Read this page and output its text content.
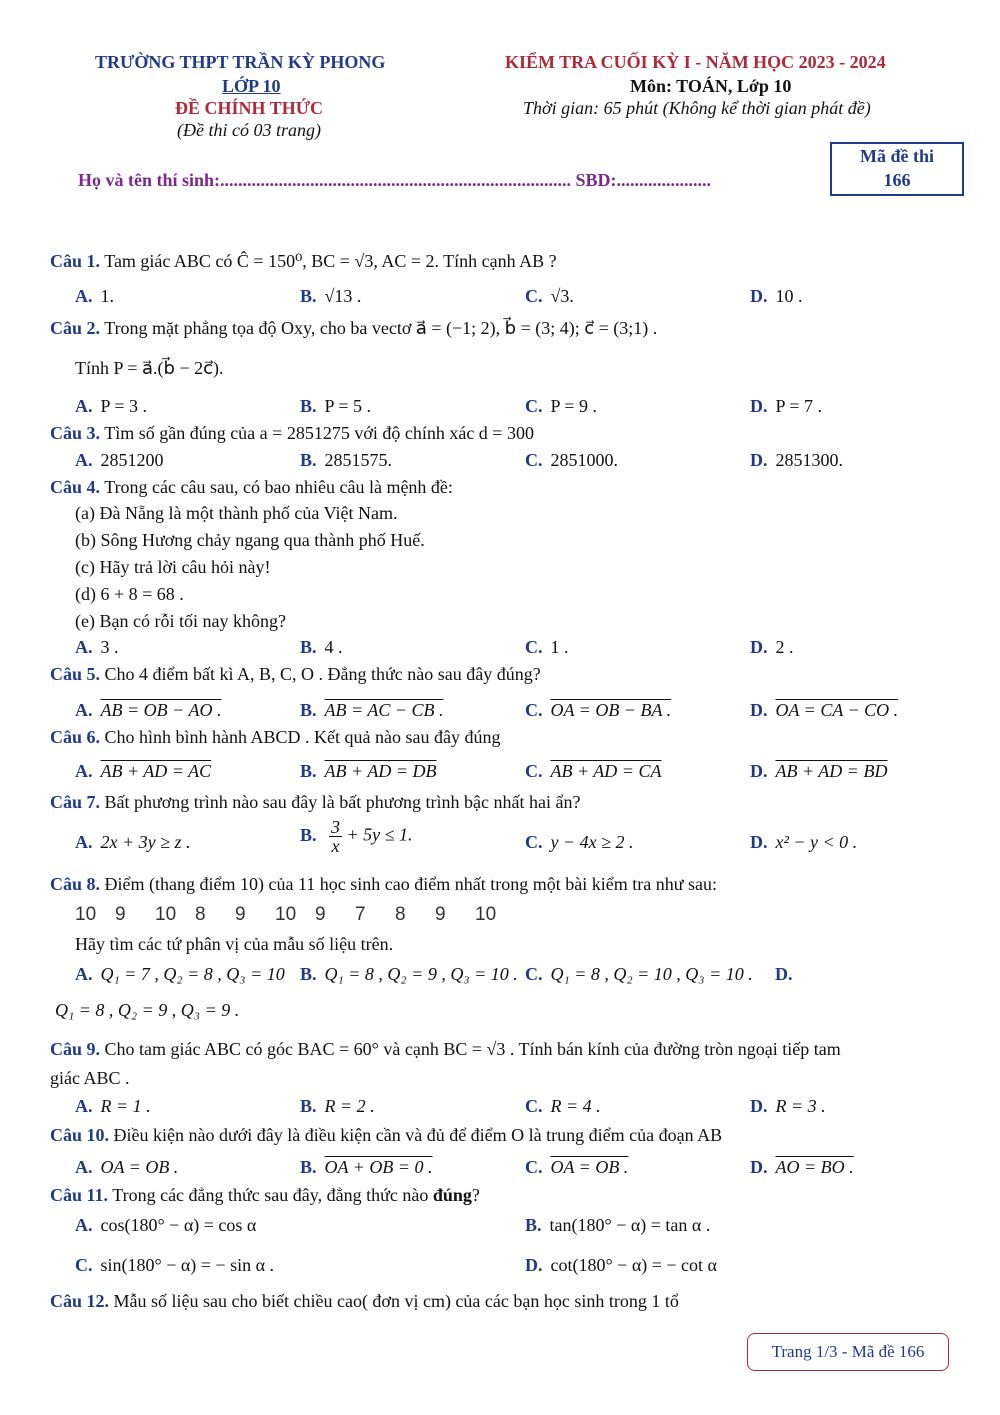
TRƯỜNG THPT TRẦN KỲ PHONG
LỚP 10
ĐỀ CHÍNH THỨC
(Đề thi có 03 trang)
KIỂM TRA CUỐI KỲ I - NĂM HỌC 2023 - 2024
Môn: TOÁN, Lớp 10
Thời gian: 65 phút (Không kể thời gian phát đề)
Họ và tên thí sinh:.............................................................................. SBD:.....................
Mã đề thi
166
Câu 1. Tam giác ABC có Ĉ = 150⁰, BC = √3, AC = 2. Tính cạnh AB ?
A. 1.	B. √13 .	C. √3.	D. 10 .
Câu 2. Trong mặt phẳng tọa độ Oxy, cho ba vectơ a⃗ = (−1; 2), b⃗ = (3; 4); c⃗ = (3;1) .
Tính P = a⃗.(b⃗ − 2c⃗).
A. P = 3 .	B. P = 5 .	C. P = 9 .	D. P = 7 .
Câu 3. Tìm số gần đúng của a = 2851275 với độ chính xác d = 300
A. 2851200	B. 2851575.	C. 2851000.	D. 2851300.
Câu 4. Trong các câu sau, có bao nhiêu câu là mệnh đề:
(a) Đà Nẵng là một thành phố của Việt Nam.
(b) Sông Hương chảy ngang qua thành phố Huế.
(c) Hãy trả lời câu hỏi này!
(d) 6 + 8 = 68 .
(e) Bạn có rỗi tối nay không?
A. 3 .	B. 4 .	C. 1 .	D. 2 .
Câu 5. Cho 4 điểm bất kì A, B, C, O . Đẳng thức nào sau đây đúng?
A. AB = OB − AO .	B. AB = AC − CB .	C. OA = OB − BA .	D. OA = CA − CO .
Câu 6. Cho hình bình hành ABCD . Kết quả nào sau đây đúng
A. AB + AD = AC	B. AB + AD = DB	C. AB + AD = CA	D. AB + AD = BD
Câu 7. Bất phương trình nào sau đây là bất phương trình bậc nhất hai ẩn?
A. 2x + 3y ≥ z .	B. $\frac{3}{x} + 5y \le 1$.	C. y − 4x ≥ 2 .	D. x² − y < 0 .
Câu 8. Điểm (thang điểm 10) của 11 học sinh cao điểm nhất trong một bài kiểm tra như sau:
10 9 10 8 9 10 9 7 8 9 10
Hãy tìm các tứ phân vị của mẫu số liệu trên.
A. Q₁ = 7 , Q₂ = 8 , Q₃ = 10 B. Q₁ = 8 , Q₂ = 9 , Q₃ = 10 . C. Q₁ = 8 , Q₂ = 10 , Q₃ = 10 . D.
Q₁ = 8 , Q₂ = 9 , Q₃ = 9 .
Câu 9. Cho tam giác ABC có góc BAC = 60° và cạnh BC = √3 . Tính bán kính của đường tròn ngoại tiếp tam
giác ABC .
A. R = 1 .	B. R = 2 .	C. R = 4 .	D. R = 3 .
Câu 10. Điều kiện nào dưới đây là điều kiện cần và đủ để điểm O là trung điểm của đoạn AB
A. OA = OB .	B. OA + OB = 0 .	C. OA = OB .	D. AO = BO .
Câu 11. Trong các đẳng thức sau đây, đẳng thức nào đúng?
A. cos(180° − α) = cos α	B. tan(180° − α) = tan α .
C. sin(180° − α) = − sin α .	D. cot(180° − α) = − cot α
Câu 12. Mẫu số liệu sau cho biết chiều cao( đơn vị cm) của các bạn học sinh trong 1 tổ
Trang 1/3 - Mã đề 166
